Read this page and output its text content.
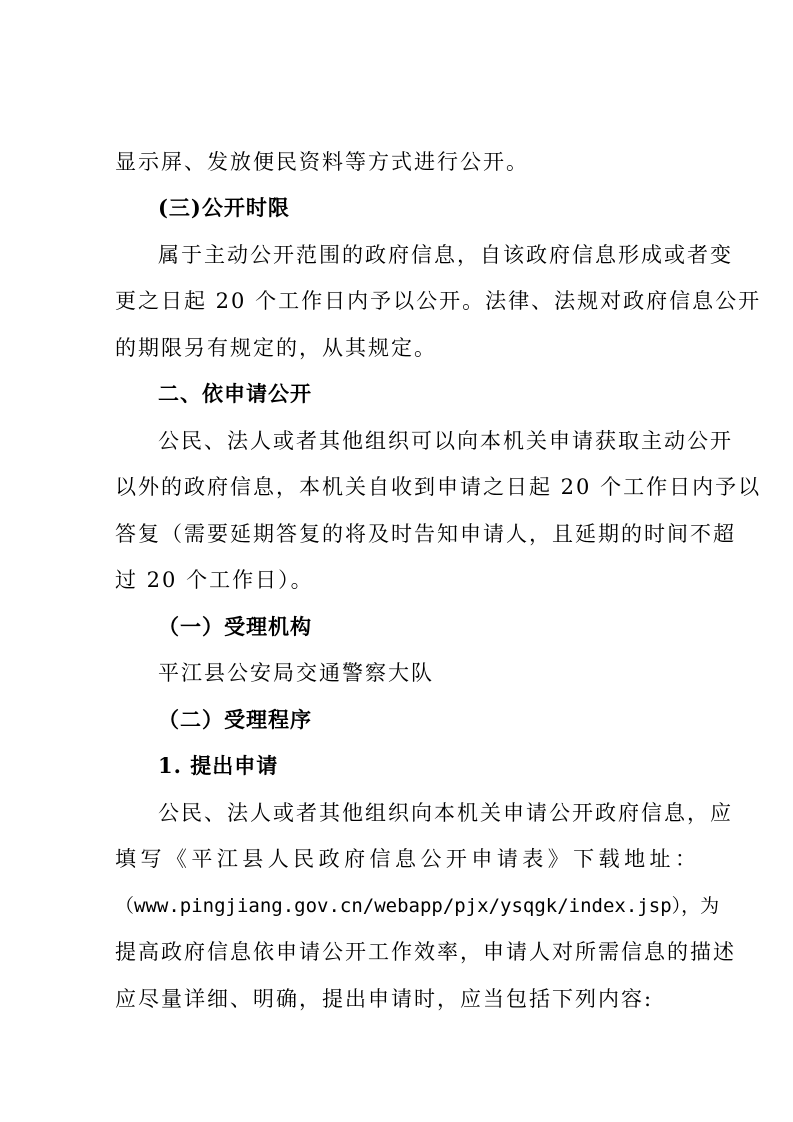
显示屏、发放便民资料等方式进行公开。
(三)公开时限
属于主动公开范围的政府信息，自该政府信息形成或者变
更之日起 20 个工作日内予以公开。法律、法规对政府信息公开
的期限另有规定的，从其规定。
二、依申请公开
公民、法人或者其他组织可以向本机关申请获取主动公开
以外的政府信息，本机关自收到申请之日起 20 个工作日内予以
答复（需要延期答复的将及时告知申请人，且延期的时间不超
过 20 个工作日）。
（一）受理机构
平江县公安局交通警察大队
（二）受理程序
1. 提出申请
公民、法人或者其他组织向本机关申请公开政府信息，应
填写《平江县人民政府信息公开申请表》下载地址：
（www.pingjiang.gov.cn/webapp/pjx/ysqgk/index.jsp），为
提高政府信息依申请公开工作效率，申请人对所需信息的描述
应尽量详细、明确，提出申请时，应当包括下列内容:
